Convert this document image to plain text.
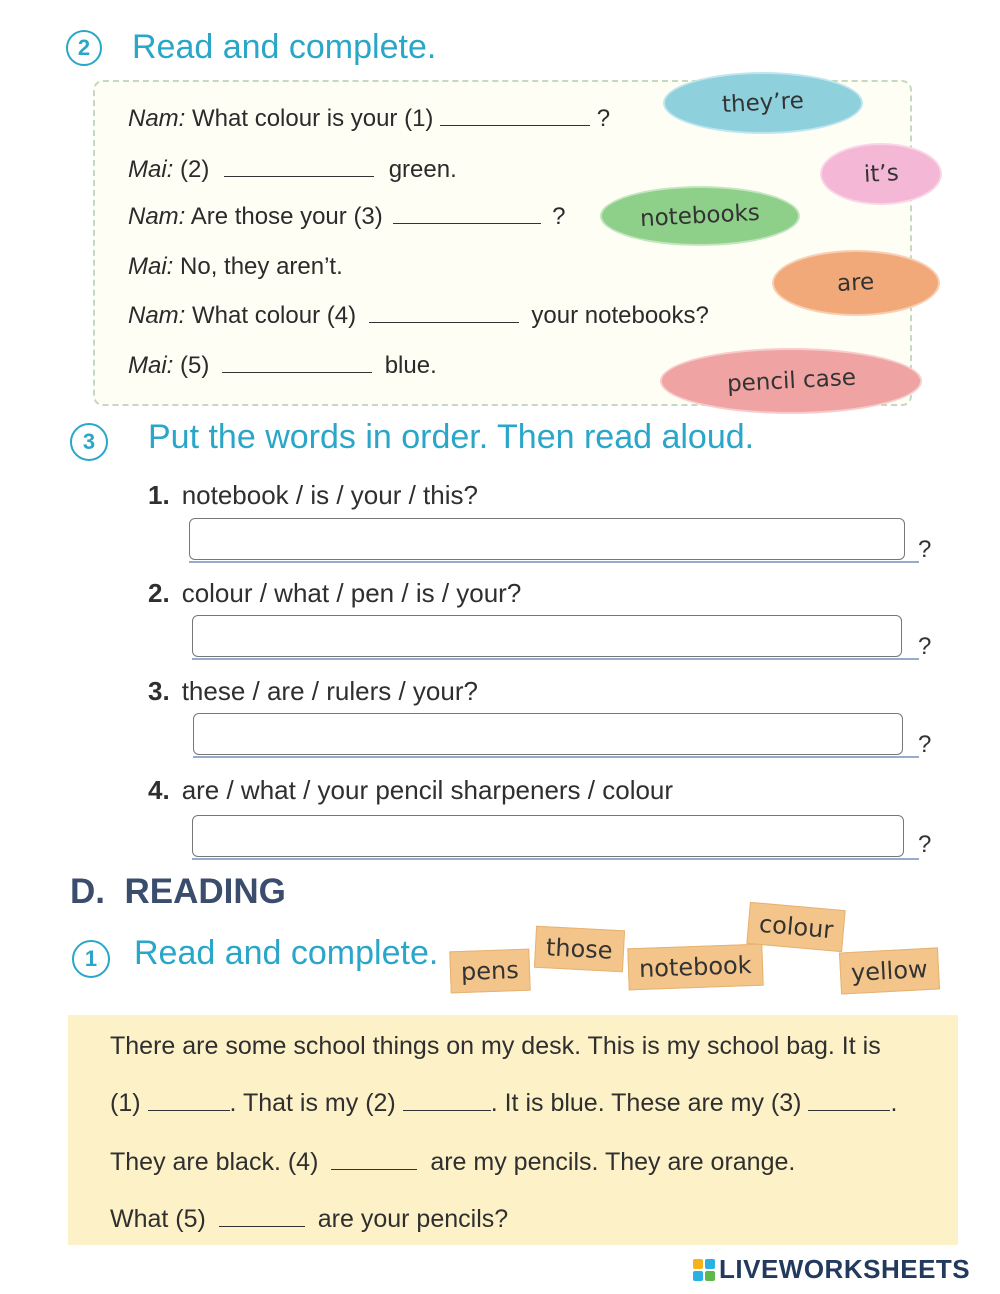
2	Read and complete.
Nam: What colour is your (1)	?
Mai: (2)	green.
Nam: Are those your (3)	?
Mai: No, they aren’t.
Nam: What colour (4)	your notebooks?
Mai: (5)	blue.
they’re
it’s
notebooks
are
pencil case
3	Put the words in order. Then read aloud.
1. notebook / is / your / this?
?
2. colour / what / pen / is / your?
?
3. these / are / rulers / your?
?
4. are / what / your pencil sharpeners / colour
?
D. READING
1	Read and complete. pens
those
notebook
colour
yellow
There are some school things on my desk. This is my school bag. It is
(1)	. That is my (2)	. It is blue. These are my (3)	.
They are black. (4)	are my pencils. They are orange.
What (5)	are your pencils?
LIVEWORKSHEETS
